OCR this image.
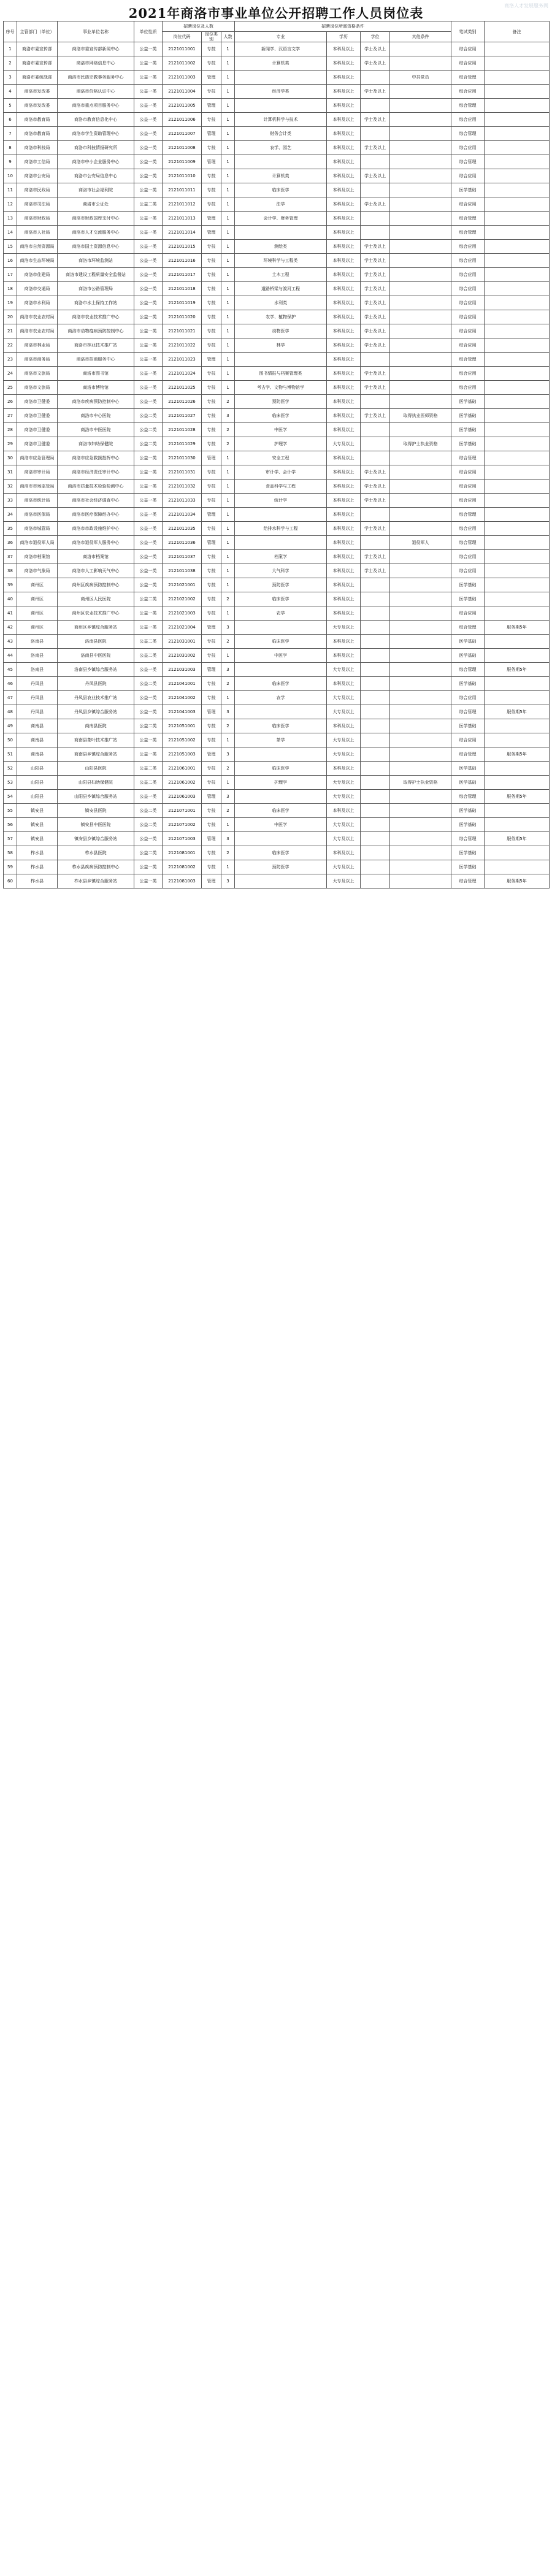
2021年商洛市事业单位公开招聘工作人员岗位表	商洛人才发展服务网
序号	主管部门（单位）	事业单位名称	单位性质	招聘岗位及人数			招聘岗位所需资格条件				笔试类别	备注
				岗位代码	岗位类别	人数	专业	学历	学位	其他条件		
1	商洛市委宣传部	商洛市委宣传部新闻中心	公益一类	2121011001	专技	1	新闻学、汉语言文学	本科及以上	学士及以上		综合应用	
2	商洛市委宣传部	商洛市网络信息中心	公益一类	2121011002	专技	1	计算机类	本科及以上	学士及以上		综合应用	
3	商洛市委统战部	商洛市民族宗教事务服务中心	公益一类	2121011003	管理	1		本科及以上		中共党员	综合管理	
4	商洛市发改委	商洛市价格认证中心	公益一类	2121011004	专技	1	经济学类	本科及以上	学士及以上		综合应用	
5	商洛市发改委	商洛市重点项目服务中心	公益一类	2121011005	管理	1		本科及以上			综合管理	
6	商洛市教育局	商洛市教育信息化中心	公益一类	2121011006	专技	1	计算机科学与技术	本科及以上	学士及以上		综合应用	
7	商洛市教育局	商洛市学生资助管理中心	公益一类	2121011007	管理	1	财务会计类	本科及以上			综合管理	
8	商洛市科技局	商洛市科技情报研究所	公益一类	2121011008	专技	1	农学、园艺	本科及以上	学士及以上		综合应用	
9	商洛市工信局	商洛市中小企业服务中心	公益一类	2121011009	管理	1		本科及以上			综合管理	
10	商洛市公安局	商洛市公安局信息中心	公益一类	2121011010	专技	1	计算机类	本科及以上	学士及以上		综合应用	
11	商洛市民政局	商洛市社会福利院	公益一类	2121011011	专技	1	临床医学	本科及以上			医学基础	
12	商洛市司法局	商洛市公证处	公益二类	2121011012	专技	1	法学	本科及以上	学士及以上		综合应用	
13	商洛市财政局	商洛市财政国库支付中心	公益一类	2121011013	管理	1	会计学、财务管理	本科及以上			综合管理	
14	商洛市人社局	商洛市人才交流服务中心	公益一类	2121011014	管理	1		本科及以上			综合管理	
15	商洛市自然资源局	商洛市国土资源信息中心	公益一类	2121011015	专技	1	测绘类	本科及以上	学士及以上		综合应用	
16	商洛市生态环境局	商洛市环境监测站	公益一类	2121011016	专技	1	环境科学与工程类	本科及以上	学士及以上		综合应用	
17	商洛市住建局	商洛市建设工程质量安全监督站	公益一类	2121011017	专技	1	土木工程	本科及以上	学士及以上		综合应用	
18	商洛市交通局	商洛市公路管理局	公益一类	2121011018	专技	1	道路桥梁与渡河工程	本科及以上	学士及以上		综合应用	
19	商洛市水利局	商洛市水土保持工作站	公益一类	2121011019	专技	1	水利类	本科及以上	学士及以上		综合应用	
20	商洛市农业农村局	商洛市农业技术推广中心	公益一类	2121011020	专技	1	农学、植物保护	本科及以上	学士及以上		综合应用	
21	商洛市农业农村局	商洛市动物疫病预防控制中心	公益一类	2121011021	专技	1	动物医学	本科及以上	学士及以上		综合应用	
22	商洛市林业局	商洛市林业技术推广站	公益一类	2121011022	专技	1	林学	本科及以上	学士及以上		综合应用	
23	商洛市商务局	商洛市招商服务中心	公益一类	2121011023	管理	1		本科及以上			综合管理	
24	商洛市文旅局	商洛市图书馆	公益一类	2121011024	专技	1	图书情报与档案管理类	本科及以上	学士及以上		综合应用	
25	商洛市文旅局	商洛市博物馆	公益一类	2121011025	专技	1	考古学、文物与博物馆学	本科及以上	学士及以上		综合应用	
26	商洛市卫健委	商洛市疾病预防控制中心	公益一类	2121011026	专技	2	预防医学	本科及以上			医学基础	
27	商洛市卫健委	商洛市中心医院	公益二类	2121011027	专技	3	临床医学	本科及以上	学士及以上	取得执业医师资格	医学基础	
28	商洛市卫健委	商洛市中医医院	公益二类	2121011028	专技	2	中医学	本科及以上			医学基础	
29	商洛市卫健委	商洛市妇幼保健院	公益二类	2121011029	专技	2	护理学	大专及以上		取得护士执业资格	医学基础	
30	商洛市应急管理局	商洛市应急救援指挥中心	公益一类	2121011030	管理	1	安全工程	本科及以上			综合管理	
31	商洛市审计局	商洛市经济责任审计中心	公益一类	2121011031	专技	1	审计学、会计学	本科及以上	学士及以上		综合应用	
32	商洛市市场监管局	商洛市质量技术检验检测中心	公益一类	2121011032	专技	1	食品科学与工程	本科及以上	学士及以上		综合应用	
33	商洛市统计局	商洛市社会经济调查中心	公益一类	2121011033	专技	1	统计学	本科及以上	学士及以上		综合应用	
34	商洛市医保局	商洛市医疗保障经办中心	公益一类	2121011034	管理	1		本科及以上			综合管理	
35	商洛市城管局	商洛市市政设施维护中心	公益一类	2121011035	专技	1	给排水科学与工程	本科及以上	学士及以上		综合应用	
36	商洛市退役军人局	商洛市退役军人服务中心	公益一类	2121011036	管理	1		本科及以上		退役军人	综合管理	
37	商洛市档案馆	商洛市档案馆	公益一类	2121011037	专技	1	档案学	本科及以上	学士及以上		综合应用	
38	商洛市气象局	商洛市人工影响天气中心	公益一类	2121011038	专技	1	大气科学	本科及以上	学士及以上		综合应用	
39	商州区	商州区疾病预防控制中心	公益一类	2121021001	专技	1	预防医学	本科及以上			医学基础	
40	商州区	商州区人民医院	公益二类	2121021002	专技	2	临床医学	本科及以上			医学基础	
41	商州区	商州区农业技术推广中心	公益一类	2121021003	专技	1	农学	本科及以上			综合应用	
42	商州区	商州区乡镇综合服务站	公益一类	2121021004	管理	3		大专及以上			综合管理	服务期5年
43	洛南县	洛南县医院	公益二类	2121031001	专技	2	临床医学	本科及以上			医学基础	
44	洛南县	洛南县中医医院	公益二类	2121031002	专技	1	中医学	本科及以上			医学基础	
45	洛南县	洛南县乡镇综合服务站	公益一类	2121031003	管理	3		大专及以上			综合管理	服务期5年
46	丹凤县	丹凤县医院	公益二类	2121041001	专技	2	临床医学	本科及以上			医学基础	
47	丹凤县	丹凤县农业技术推广站	公益一类	2121041002	专技	1	农学	大专及以上			综合应用	
48	丹凤县	丹凤县乡镇综合服务站	公益一类	2121041003	管理	3		大专及以上			综合管理	服务期5年
49	商南县	商南县医院	公益二类	2121051001	专技	2	临床医学	本科及以上			医学基础	
50	商南县	商南县茶叶技术推广站	公益一类	2121051002	专技	1	茶学	大专及以上			综合应用	
51	商南县	商南县乡镇综合服务站	公益一类	2121051003	管理	3		大专及以上			综合管理	服务期5年
52	山阳县	山阳县医院	公益二类	2121061001	专技	2	临床医学	本科及以上			医学基础	
53	山阳县	山阳县妇幼保健院	公益二类	2121061002	专技	1	护理学	大专及以上		取得护士执业资格	医学基础	
54	山阳县	山阳县乡镇综合服务站	公益一类	2121061003	管理	3		大专及以上			综合管理	服务期5年
55	镇安县	镇安县医院	公益二类	2121071001	专技	2	临床医学	本科及以上			医学基础	
56	镇安县	镇安县中医医院	公益二类	2121071002	专技	1	中医学	大专及以上			医学基础	
57	镇安县	镇安县乡镇综合服务站	公益一类	2121071003	管理	3		大专及以上			综合管理	服务期5年
58	柞水县	柞水县医院	公益二类	2121081001	专技	2	临床医学	本科及以上			医学基础	
59	柞水县	柞水县疾病预防控制中心	公益一类	2121081002	专技	1	预防医学	大专及以上			医学基础	
60	柞水县	柞水县乡镇综合服务站	公益一类	2121081003	管理	3		大专及以上			综合管理	服务期5年
